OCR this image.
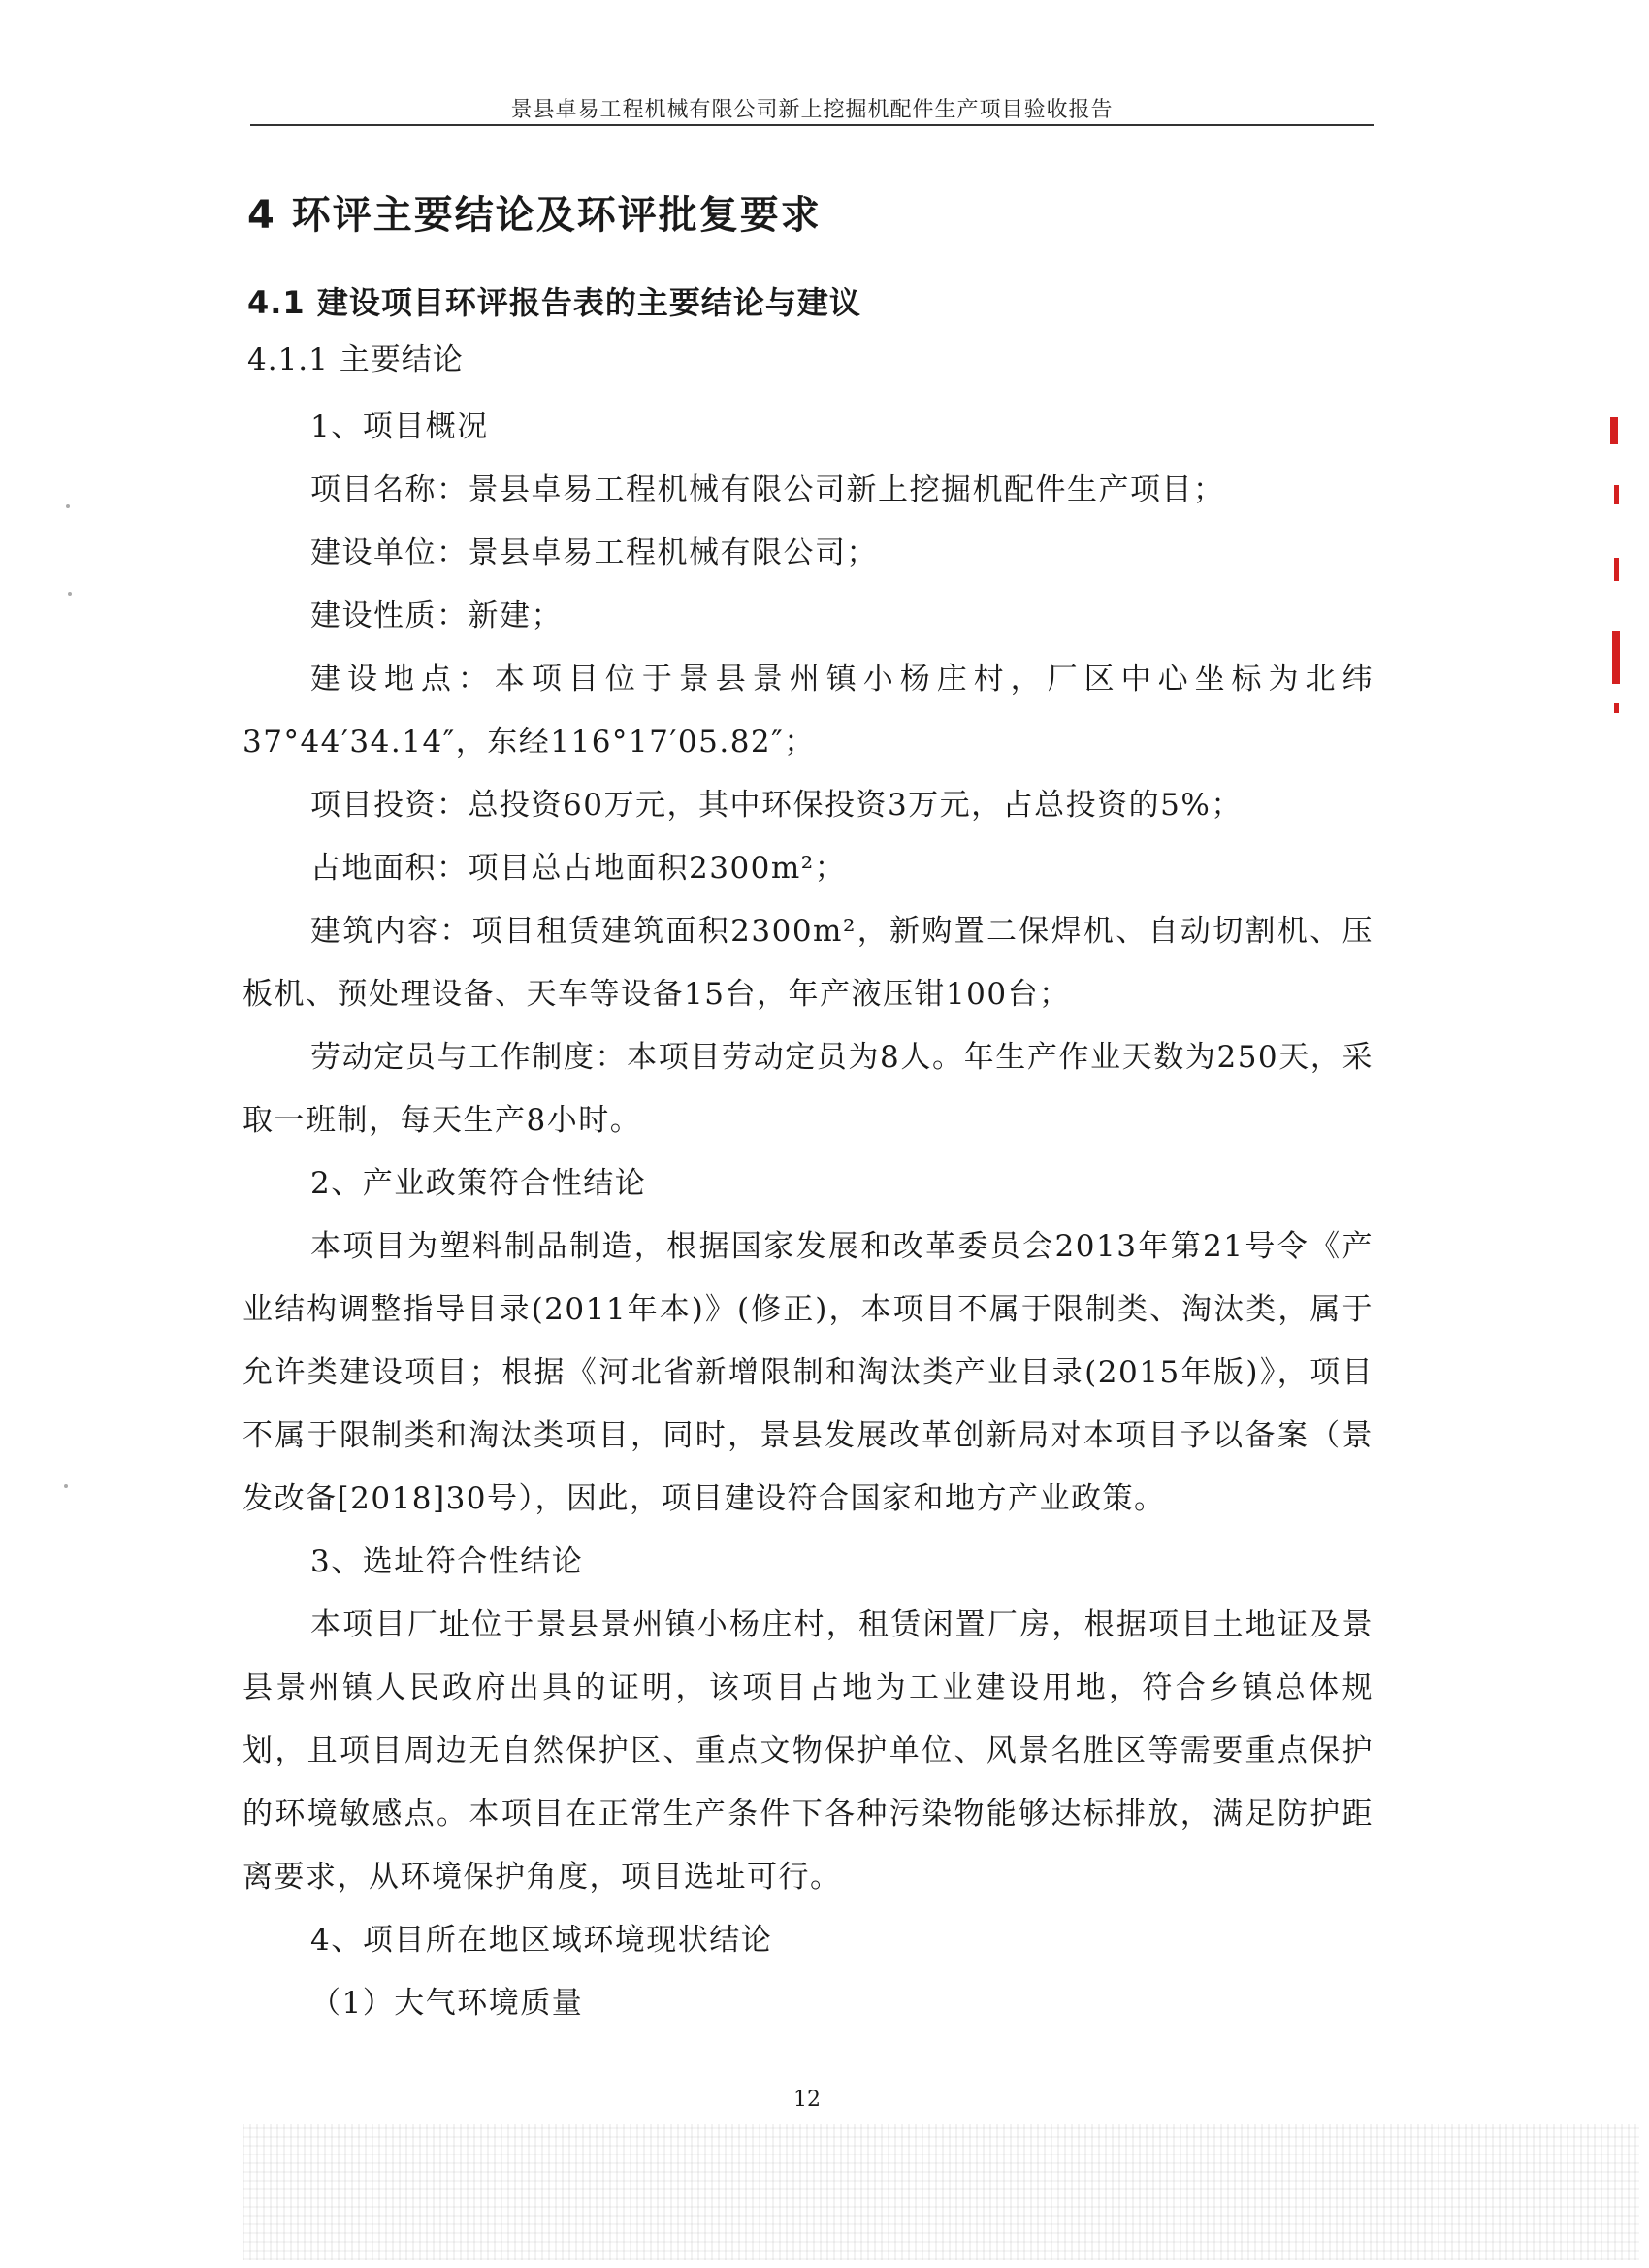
景县卓易工程机械有限公司新上挖掘机配件生产项目验收报告
4 环评主要结论及环评批复要求
4.1 建设项目环评报告表的主要结论与建议
4.1.1 主要结论

1、项目概况

项目名称：景县卓易工程机械有限公司新上挖掘机配件生产项目；

建设单位：景县卓易工程机械有限公司；

建设性质：新建；

建设地点：本项目位于景县景州镇小杨庄村，厂区中心坐标为北纬37°44′34.14″，东经116°17′05.82″；

项目投资：总投资60万元，其中环保投资3万元，占总投资的5%；

占地面积：项目总占地面积2300m²；

建筑内容：项目租赁建筑面积2300m²，新购置二保焊机、自动切割机、压板机、预处理设备、天车等设备15台，年产液压钳100台；

劳动定员与工作制度：本项目劳动定员为8人。年生产作业天数为250天，采取一班制，每天生产8小时。

2、产业政策符合性结论

本项目为塑料制品制造，根据国家发展和改革委员会2013年第21号令《产业结构调整指导目录(2011年本)》(修正)，本项目不属于限制类、淘汰类，属于允许类建设项目；根据《河北省新增限制和淘汰类产业目录(2015年版)》，项目不属于限制类和淘汰类项目，同时，景县发展改革创新局对本项目予以备案（景发改备[2018]30号），因此，项目建设符合国家和地方产业政策。

3、选址符合性结论

本项目厂址位于景县景州镇小杨庄村，租赁闲置厂房，根据项目土地证及景县景州镇人民政府出具的证明，该项目占地为工业建设用地，符合乡镇总体规划，且项目周边无自然保护区、重点文物保护单位、风景名胜区等需要重点保护的环境敏感点。本项目在正常生产条件下各种污染物能够达标排放，满足防护距离要求，从环境保护角度，项目选址可行。

4、项目所在地区域环境现状结论

（1）大气环境质量

12
